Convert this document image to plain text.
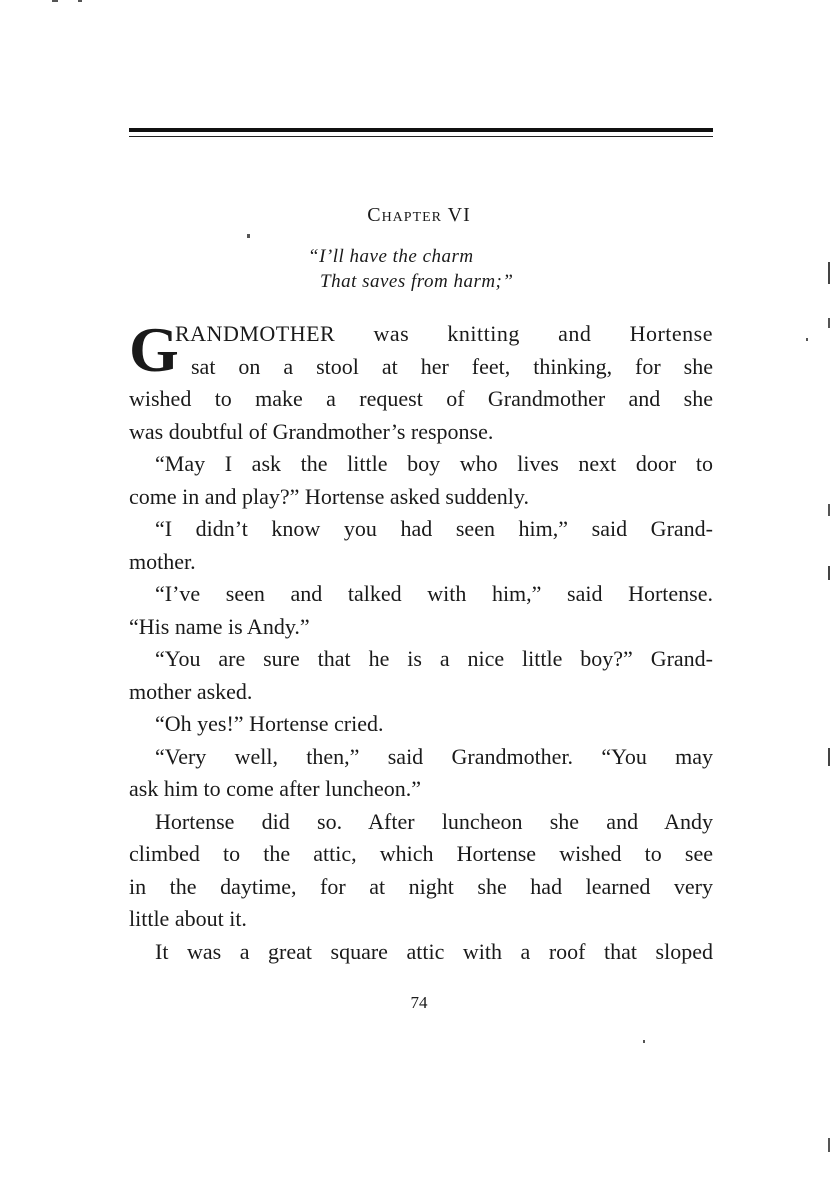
Chapter VI
“I’ll have the charm
That saves from harm;”
G
RANDMOTHER was knitting and Hortense
sat on a stool at her feet, thinking, for she
wished to make a request of Grandmother and she
was doubtful of Grandmother’s response.
“May I ask the little boy who lives next door to
come in and play?” Hortense asked suddenly.
“I didn’t know you had seen him,” said Grand-
mother.
“I’ve seen and talked with him,” said Hortense.
“His name is Andy.”
“You are sure that he is a nice little boy?” Grand-
mother asked.
“Oh yes!” Hortense cried.
“Very well, then,” said Grandmother. “You may
ask him to come after luncheon.”
Hortense did so. After luncheon she and Andy
climbed to the attic, which Hortense wished to see
in the daytime, for at night she had learned very
little about it.
It was a great square attic with a roof that sloped
74
